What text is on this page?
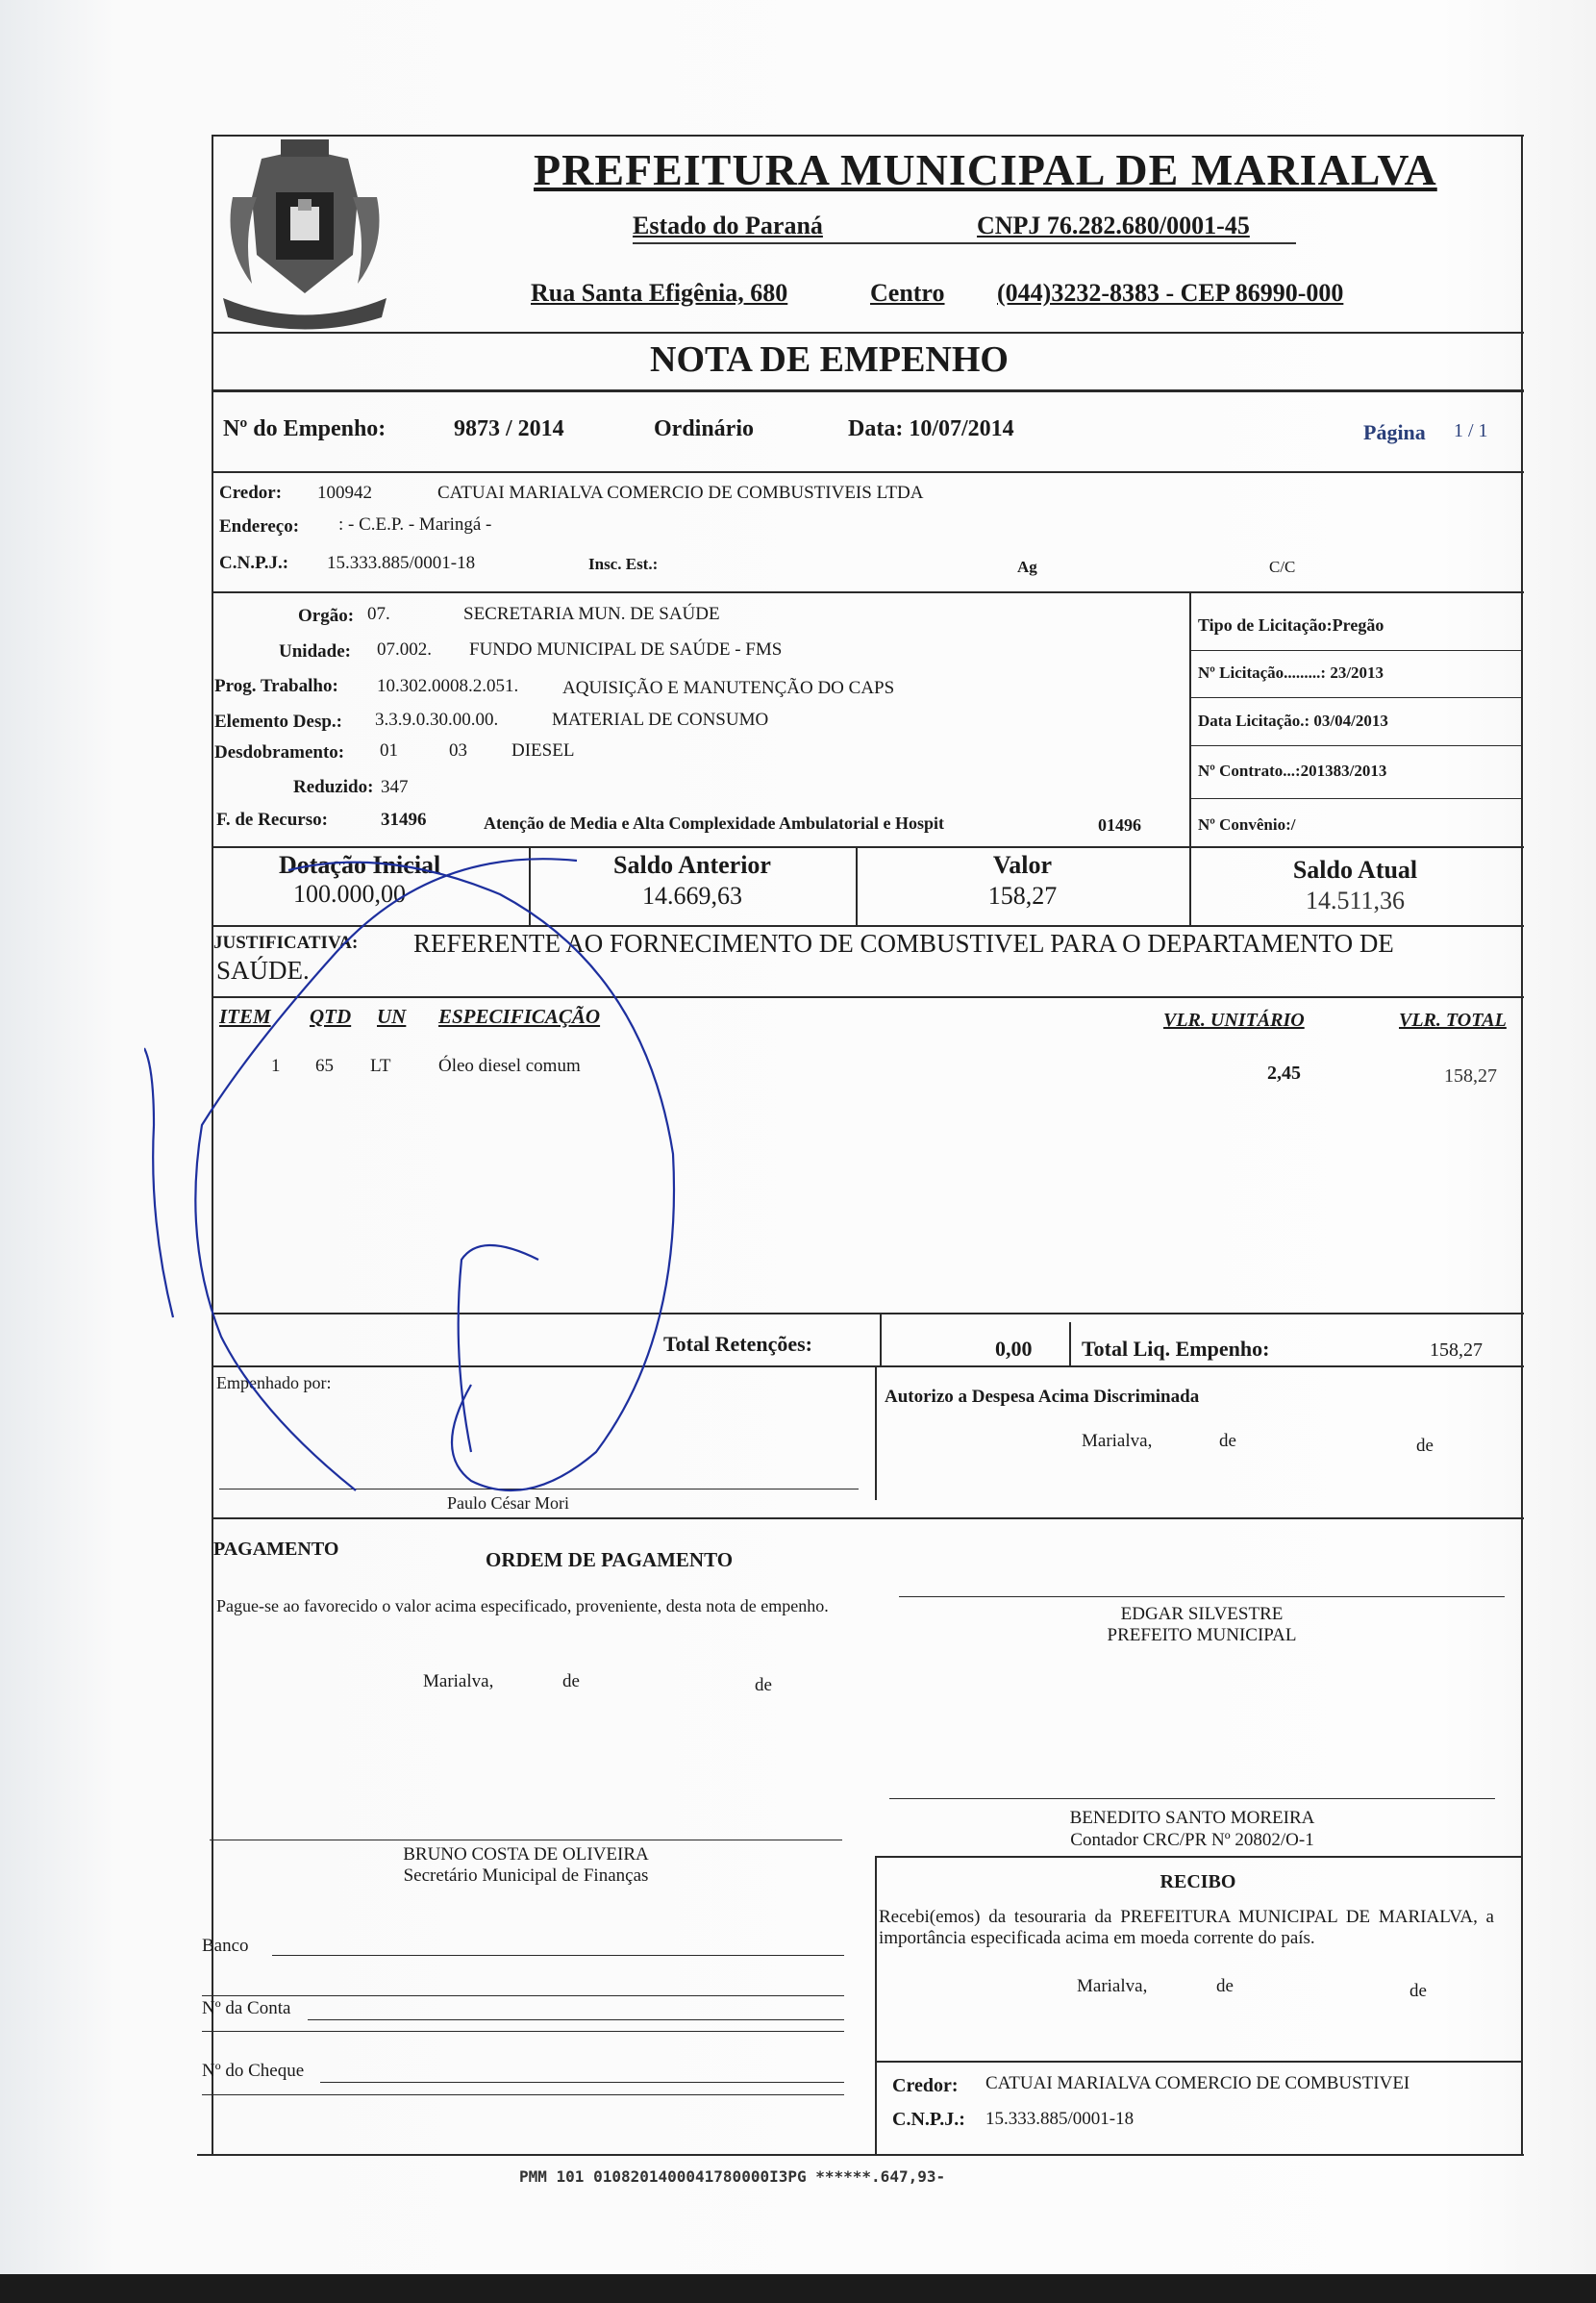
PREFEITURA MUNICIPAL DE MARIALVA
Estado do Paraná	CNPJ 76.282.680/0001-45
Rua Santa Efigênia, 680	Centro (044)3232-8383 - CEP 86990-000
NOTA DE EMPENHO
Nº do Empenho:	9873 / 2014	Ordinário	Data: 10/07/2014	Página 1 / 1
Credor: 100942	CATUAI MARIALVA COMERCIO DE COMBUSTIVEIS LTDA
Endereço: : - C.E.P. - Maringá -
C.N.P.J.: 15.333.885/0001-18	Insc. Est.:	Ag	C/C
Orgão: 07.	SECRETARIA MUN. DE SAÚDE
Unidade: 07.002. FUNDO MUNICIPAL DE SAÚDE - FMS
Prog. Trabalho: 10.302.0008.2.051. AQUISIÇÃO E MANUTENÇÃO DO CAPS
Elemento Desp.: 3.3.9.0.30.00.00.	MATERIAL DE CONSUMO
Desdobramento: 01	03 DIESEL
Reduzido: 347
F. de Recurso:	31496	Atenção de Media e Alta Complexidade Ambulatorial e Hospit	01496
Tipo de Licitação:Pregão
Nº Licitação.........: 23/2013
Data Licitação.: 03/04/2013
Nº Contrato...:201383/2013
Nº Convênio:/
Dotação Inicial
100.000,00
Saldo Anterior
14.669,63
Valor
158,27
Saldo Atual
14.511,36
JUSTIFICATIVA: REFERENTE AO FORNECIMENTO DE COMBUSTIVEL PARA O DEPARTAMENTO DE
SAÚDE.
ITEM QTD UN ESPECIFICAÇÃO	VLR. UNITÁRIO	VLR. TOTAL
1 65 LT	Óleo diesel comum	2,45	158,27
Total Retenções:	0,00 Total Liq. Empenho:	158,27
Empenhado por:
Autorizo a Despesa Acima Discriminada
Marialva,	de	de
Paulo César Mori
PAGAMENTO	ORDEM DE PAGAMENTO
Pague-se ao favorecido o valor acima especificado, proveniente, desta nota de empenho.
Marialva,	de	de
EDGAR SILVESTRE
PREFEITO MUNICIPAL
BENEDITO SANTO MOREIRA
Contador CRC/PR Nº 20802/O-1
BRUNO COSTA DE OLIVEIRA
Secretário Municipal de Finanças	RECIBO
Recebi(emos) da tesouraria da PREFEITURA MUNICIPAL DE MARIALVA, a importância especificada acima em moeda corrente do país.
Marialva,	de	de
Credor: CATUAI MARIALVA COMERCIO DE COMBUSTIVEI
C.N.P.J.: 15.333.885/0001-18
Banco
Nº da Conta
Nº do Cheque
PMM 101 0108201400041780000I3PG ******.647,93-
